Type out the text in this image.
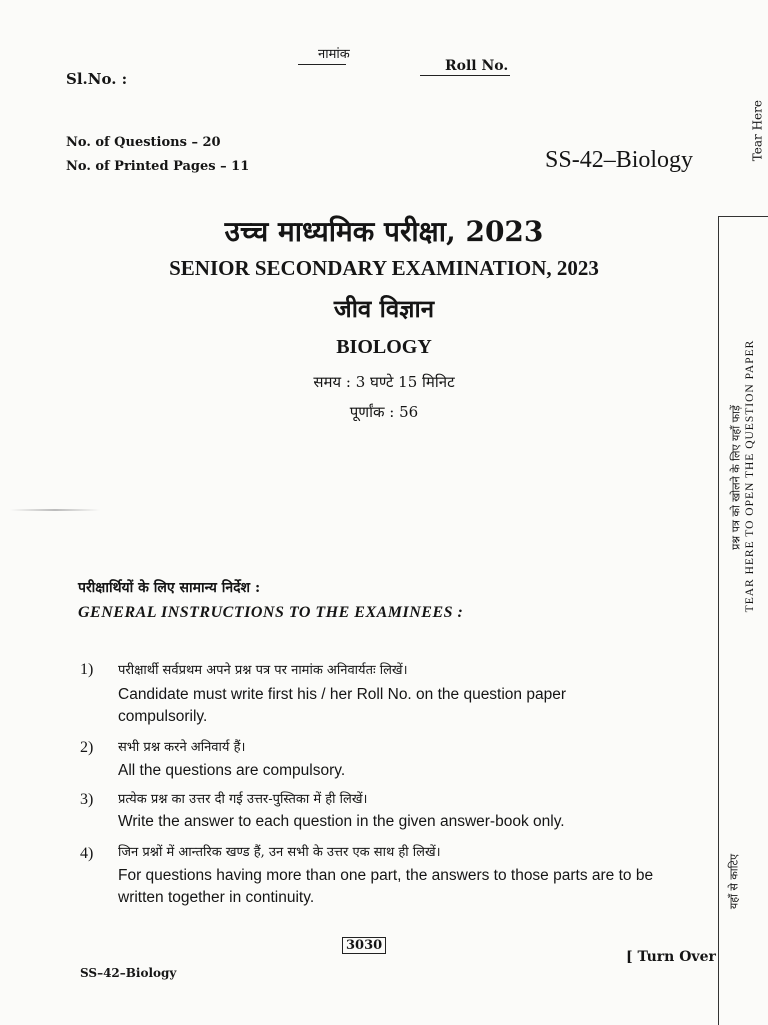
Sl.No. :
नामांक
Roll No.
No. of Questions – 20
No. of Printed Pages – 11	SS-42–Biology	Tear Here
उच्च माध्यमिक परीक्षा, 2023
SENIOR SECONDARY EXAMINATION, 2023
जीव विज्ञान
BIOLOGY
समय : 3 घण्टे 15 मिनिट
पूर्णांक : 56
परीक्षार्थियों के लिए सामान्य निर्देश :
GENERAL INSTRUCTIONS TO THE EXAMINEES :
1) परीक्षार्थी सर्वप्रथम अपने प्रश्न पत्र पर नामांक अनिवार्यतः लिखें।
Candidate must write first his / her Roll No. on the question paper
compulsorily.
2) सभी प्रश्न करने अनिवार्य हैं।
All the questions are compulsory.
3) प्रत्येक प्रश्न का उत्तर दी गई उत्तर-पुस्तिका में ही लिखें।
Write the answer to each question in the given answer-book only.
4) जिन प्रश्नों में आन्तरिक खण्ड हैं, उन सभी के उत्तर एक साथ ही लिखें।
For questions having more than one part, the answers to those parts are to be
written together in continuity.
3030
SS–42–Biology
[ Turn Over
TEAR HERE TO OPEN THE QUESTION PAPER
प्रश्न पत्र को खोलने के लिए यहाँ फाड़ें
यहाँ से काटिए
